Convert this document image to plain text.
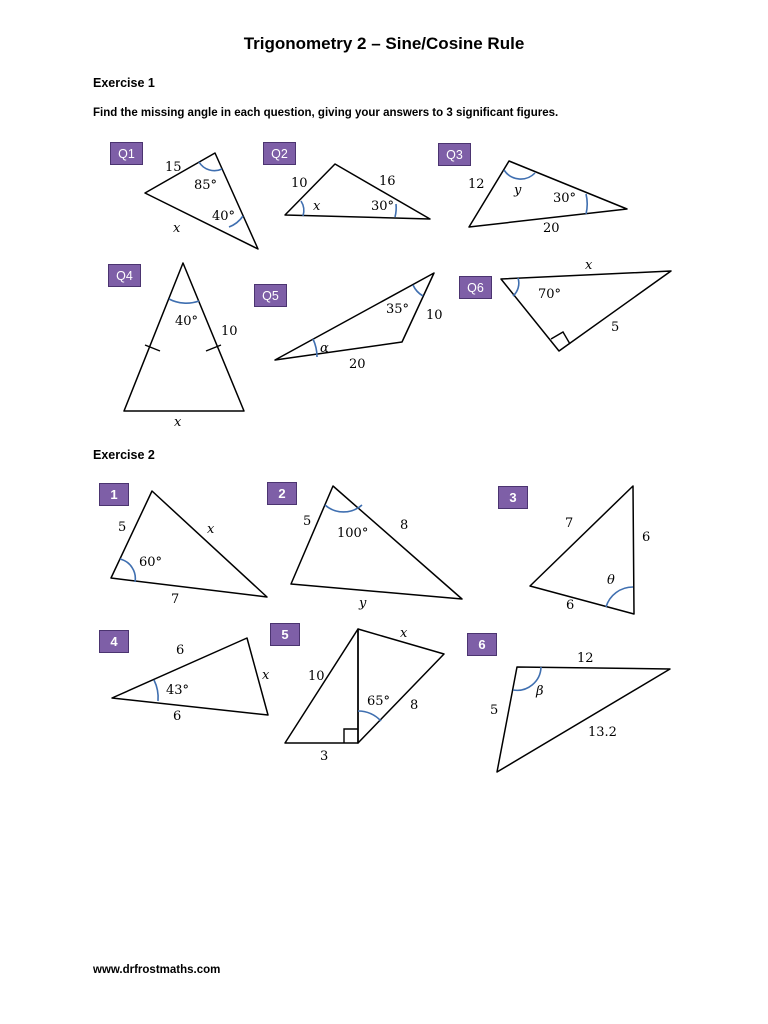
Trigonometry 2 – Sine/Cosine Rule
Exercise 1
Find the missing angle in each question, giving your answers to 3 significant figures.
Exercise 2
Q1	Q2	Q3
Q4
Q5
Q6
1	2	3
4	5
6
15
85°
40°
x
10	16
x	30°
12 y
30°
20
40°
10
x
35° 10
α
20
x
70°
5
5	x
60°
7
5	8
100°
y
7
6
θ
6
6
x
43°
6
x
10
65° 8
3
12
β
5
13.2
www.drfrostmaths.com
